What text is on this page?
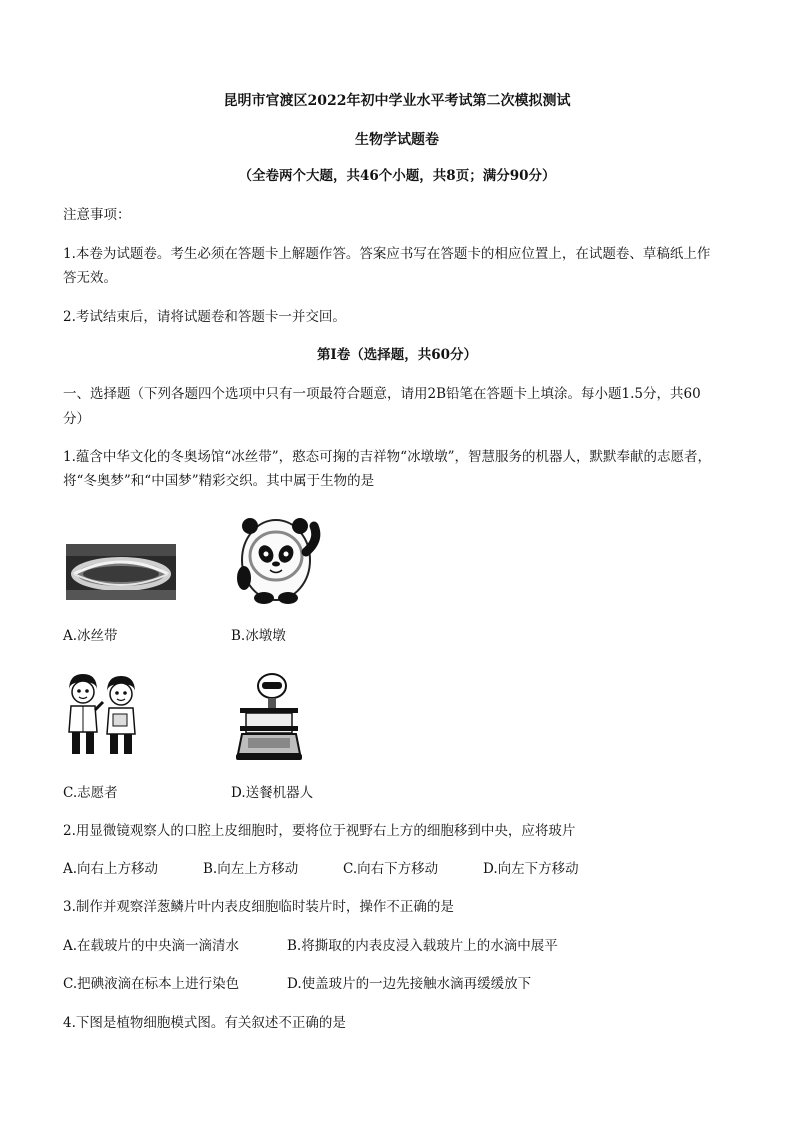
昆明市官渡区2022年初中学业水平考试第二次模拟测试
生物学试题卷
（全卷两个大题，共46个小题，共8页；满分90分）
注意事项：
1.本卷为试题卷。考生必须在答题卡上解题作答。答案应书写在答题卡的相应位置上，在试题卷、草稿纸上作
答无效。
2.考试结束后，请将试题卷和答题卡一并交回。
第Ⅰ卷（选择题，共60分）
一、选择题（下列各题四个选项中只有一项最符合题意，请用2B铅笔在答题卡上填涂。每小题1.5分，共60
分）
1.蕴含中华文化的冬奥场馆“冰丝带”，憨态可掬的吉祥物“冰墩墩”，智慧服务的机器人，默默奉献的志愿者，
将“冬奥梦”和“中国梦”精彩交织。其中属于生物的是
A.冰丝带	B.冰墩墩
C.志愿者	D.送餐机器人
2.用显微镜观察人的口腔上皮细胞时，要将位于视野右上方的细胞移到中央，应将玻片
A.向右上方移动	B.向左上方移动	C.向右下方移动	D.向左下方移动
3.制作并观察洋葱鳞片叶内表皮细胞临时装片时，操作不正确的是
A.在载玻片的中央滴一滴清水	B.将撕取的内表皮浸入载玻片上的水滴中展平
C.把碘液滴在标本上进行染色	D.使盖玻片的一边先接触水滴再缓缓放下
4.下图是植物细胞模式图。有关叙述不正确的是
